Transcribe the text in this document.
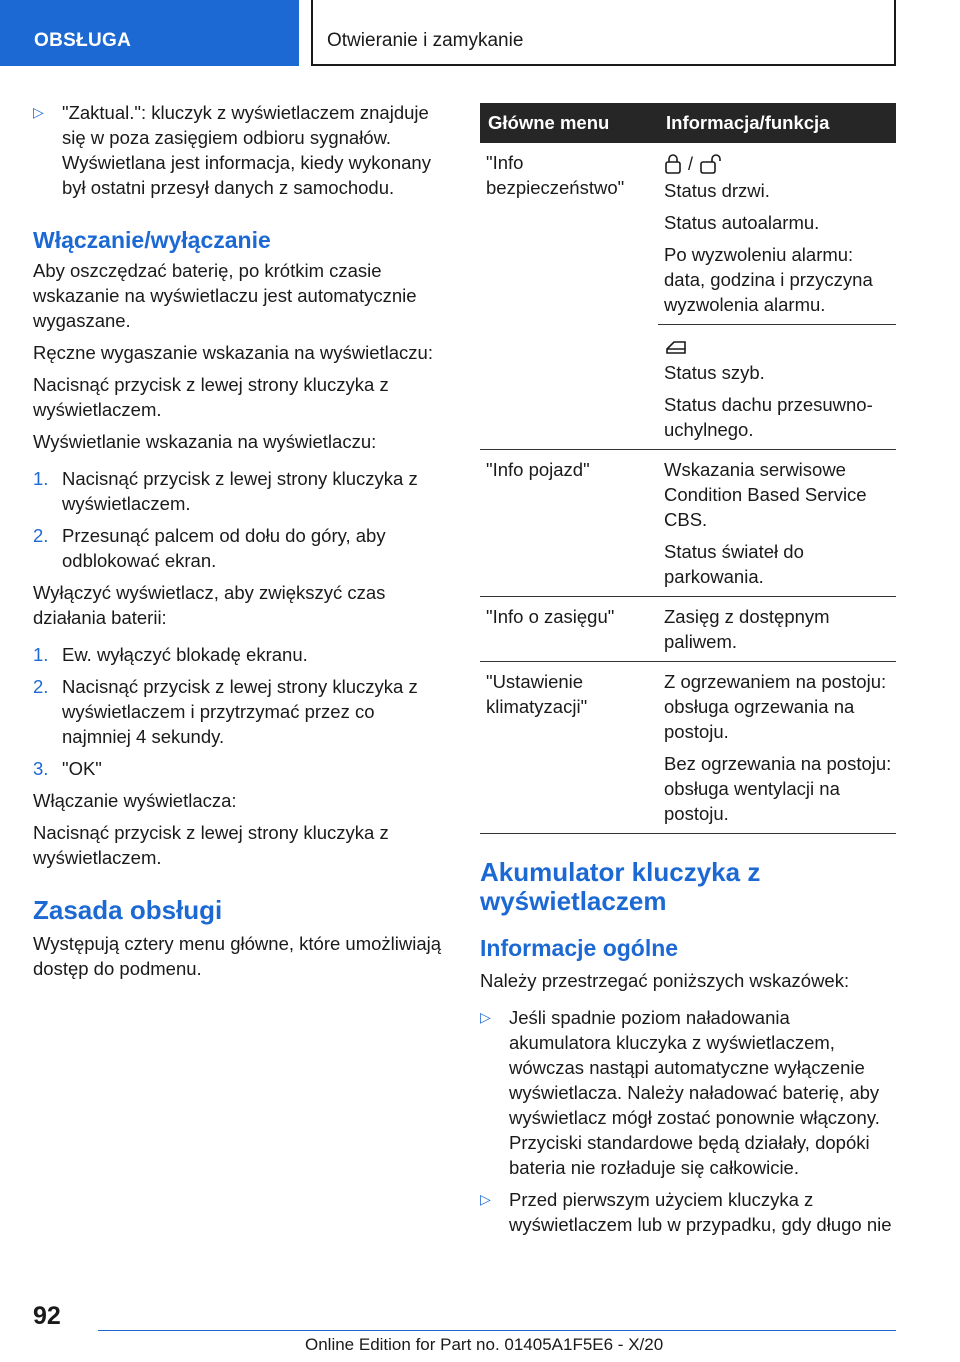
OBSŁUGA	Otwieranie i zamykanie
▷ "Zaktual.": kluczyk z wyświetlaczem znajduje się w poza zasięgiem odbioru sygnałów. Wyświetlana jest informacja, kiedy wykonany był ostatni przesył danych z samochodu.
Włączanie/wyłączanie

Aby oszczędzać baterię, po krótkim czasie wskazanie na wyświetlaczu jest automatycznie wygaszane.

Ręczne wygaszanie wskazania na wyświetlaczu:

Nacisnąć przycisk z lewej strony kluczyka z wyświetlaczem.

Wyświetlanie wskazania na wyświetlaczu:

1. Nacisnąć przycisk z lewej strony kluczyka z wyświetlaczem.
2. Przesunąć palcem od dołu do góry, aby odblokować ekran.

Wyłączyć wyświetlacz, aby zwiększyć czas działania baterii:

1. Ew. wyłączyć blokadę ekranu.
2. Nacisnąć przycisk z lewej strony kluczyka z wyświetlaczem i przytrzymać przez co najmniej 4 sekundy.
3. "OK"

Włączanie wyświetlacza:

Nacisnąć przycisk z lewej strony kluczyka z wyświetlaczem.

Zasada obsługi

Występują cztery menu główne, które umożliwiają dostęp do podmenu.

Główne menu	Informacja/funkcja

"Info bezpieczeństwo"	/

Status drzwi.

Status autoalarmu.

Po wyzwoleniu alarmu: data, godzina i przyczyna wyzwolenia alarmu.

	Status szyb.

Status dachu przesuwno-uchylnego.

"Info pojazd"	Wskazania serwisowe Condition Based Service CBS.

Status świateł do parkowania.

"Info o zasięgu"	Zasięg z dostępnym paliwem.

"Ustawienie klimatyzacji"	Z ogrzewaniem na postoju: obsługa ogrzewania na postoju.

Bez ogrzewania na postoju: obsługa wentylacji na postoju.

Akumulator kluczyka z wyświetlaczem
Informacje ogólne

Należy przestrzegać poniższych wskazówek:

▷ Jeśli spadnie poziom naładowania akumulatora kluczyka z wyświetlaczem, wówczas nastąpi automatyczne wyłączenie wyświetlacza. Należy naładować baterię, aby wyświetlacz mógł zostać ponownie włączony. Przyciski standardowe będą działały, dopóki bateria nie rozładuje się całkowicie.
▷ Przed pierwszym użyciem kluczyka z wyświetlaczem lub w przypadku, gdy długo nie
92
Online Edition for Part no. 01405A1F5E6 - X/20
